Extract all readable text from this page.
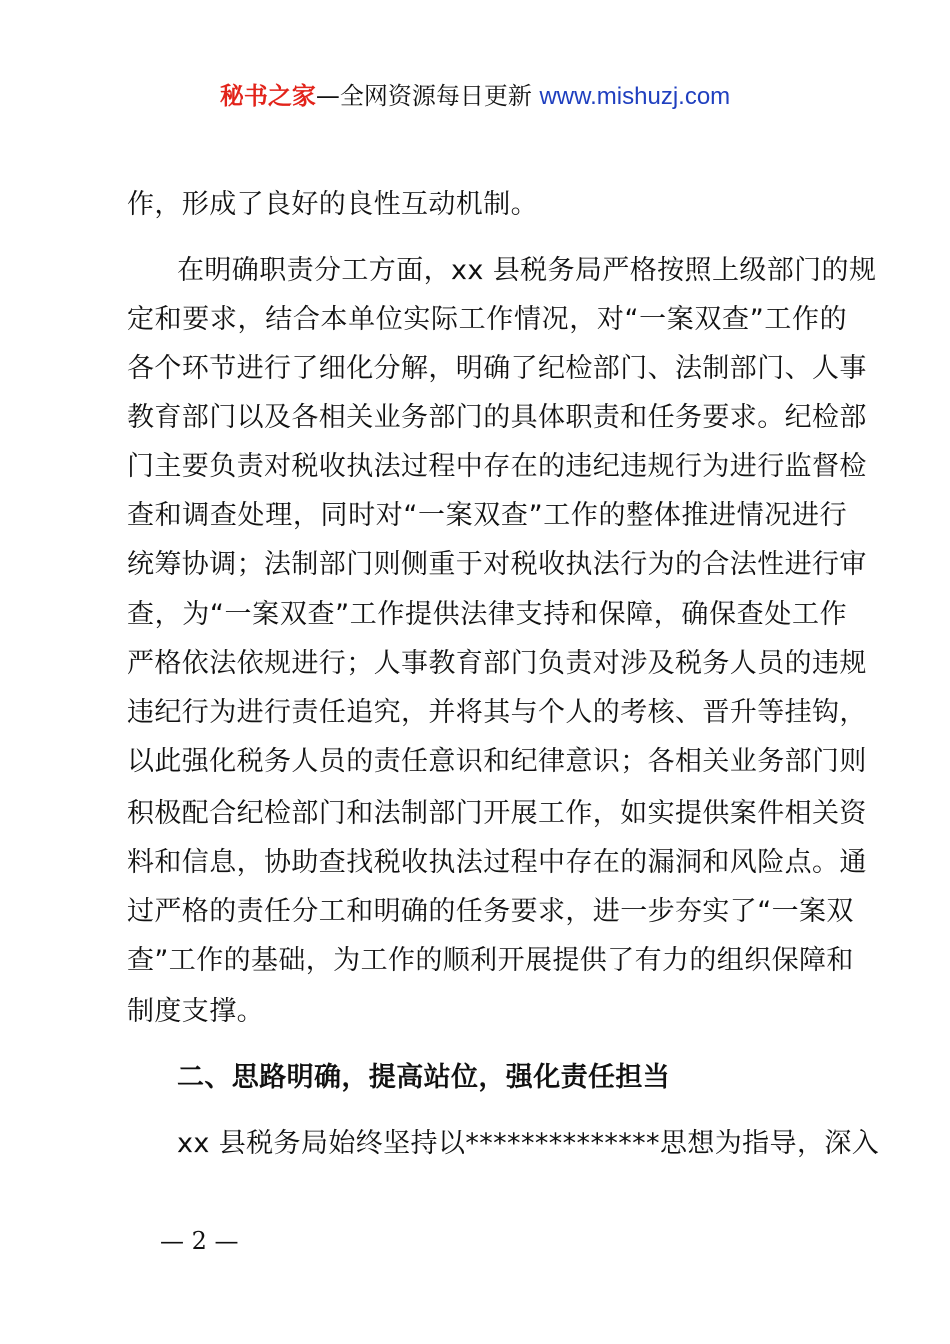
秘书之家—全网资源每日更新 www.mishuzj.com
作，形成了良好的良性互动机制。
在明确职责分工方面，xx 县税务局严格按照上级部门的规
定和要求，结合本单位实际工作情况，对“一案双查”工作的
各个环节进行了细化分解，明确了纪检部门、法制部门、人事
教育部门以及各相关业务部门的具体职责和任务要求。纪检部
门主要负责对税收执法过程中存在的违纪违规行为进行监督检
查和调查处理，同时对“一案双查”工作的整体推进情况进行
统筹协调；法制部门则侧重于对税收执法行为的合法性进行审
查，为“一案双查”工作提供法律支持和保障，确保查处工作
严格依法依规进行；人事教育部门负责对涉及税务人员的违规
违纪行为进行责任追究，并将其与个人的考核、晋升等挂钩，
以此强化税务人员的责任意识和纪律意识；各相关业务部门则
积极配合纪检部门和法制部门开展工作，如实提供案件相关资
料和信息，协助查找税收执法过程中存在的漏洞和风险点。通
过严格的责任分工和明确的任务要求，进一步夯实了“一案双
查”工作的基础，为工作的顺利开展提供了有力的组织保障和
制度支撑。
二、思路明确，提高站位，强化责任担当
xx 县税务局始终坚持以**************思想为指导，深入
— 2 —
